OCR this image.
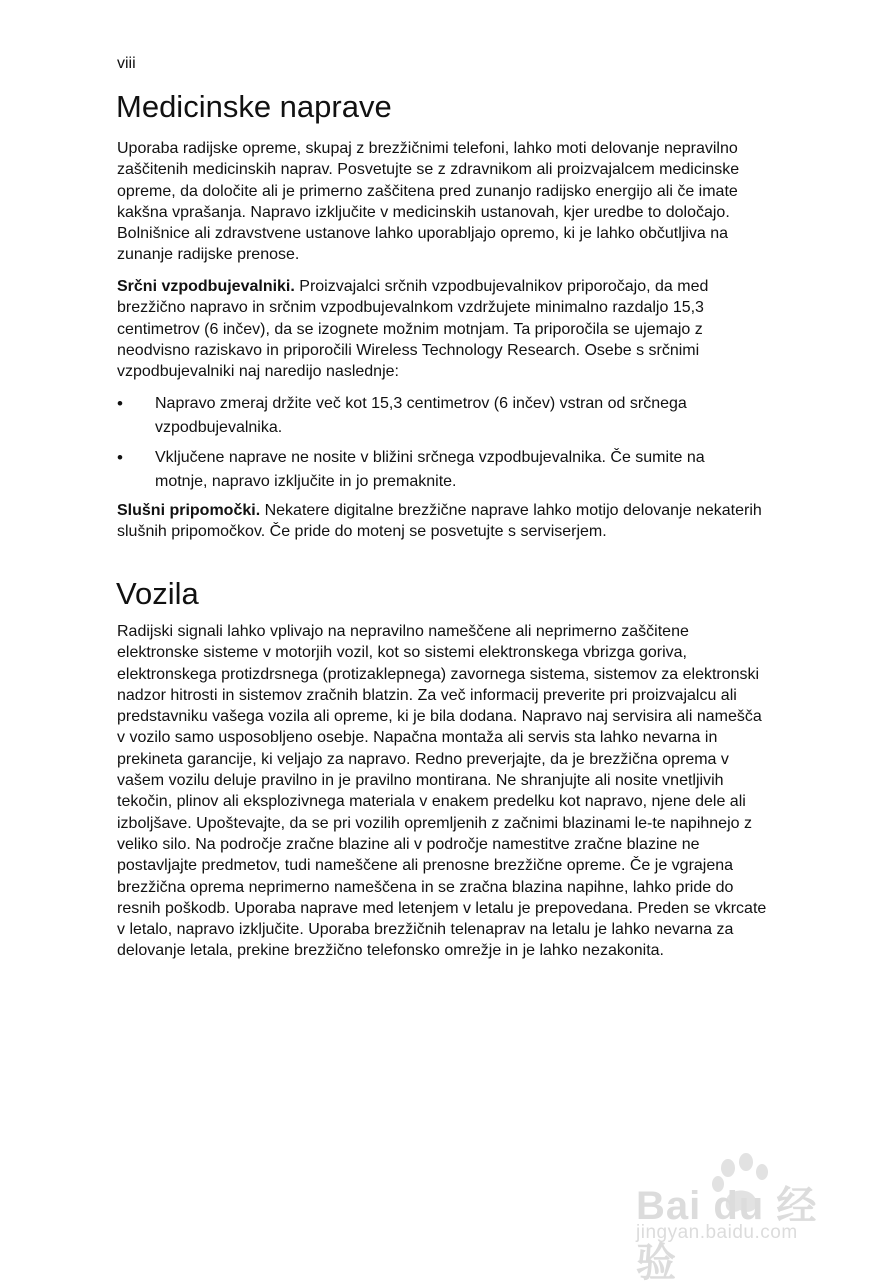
viii
Medicinske naprave

Uporaba radijske opreme, skupaj z brezžičnimi telefoni, lahko moti delovanje nepravilno zaščitenih medicinskih naprav. Posvetujte se z zdravnikom ali proizvajalcem medicinske opreme, da določite ali je primerno zaščitena pred zunanjo radijsko energijo ali če imate kakšna vprašanja. Napravo izklјučite v medicinskih ustanovah, kjer uredbe to določajo. Bolnišnice ali zdravstvene ustanove lahko uporabljajo opremo, ki je lahko občutljiva na zunanje radijske prenose.

Srčni vzpodbujevalniki. Proizvajalci srčnih vzpodbujevalnikov priporočajo, da med brezžično napravo in srčnim vzpodbujevalnkom vzdržujete minimalno razdaljo 15,3 centimetrov (6 inčev), da se izognete možnim motnjam. Ta priporočila se ujemajo z neodvisno raziskavo in priporočili Wireless Technology Research. Osebe s srčnimi vzpodbujevalniki naj naredijo naslednje:

• Napravo zmeraj držite več kot 15,3 centimetrov (6 inčev) vstran od srčnega vzpodbujevalnika.
• Vključene naprave ne nosite v bližini srčnega vzpodbujevalnika. Če sumite na motnje, napravo izključite in jo premaknite.

Slušni pripomočki. Nekatere digitalne brezžične naprave lahko motijo delovanje nekaterih slušnih pripomočkov. Če pride do motenj se posvetujte s serviserjem.

Vozila

Radijski signali lahko vplivajo na nepravilno nameščene ali neprimerno zaščitene elektronske sisteme v motorjih vozil, kot so sistemi elektronskega vbrizga goriva, elektronskega protizdrsnega (protizaklepnega) zavornega sistema, sistemov za elektronski nadzor hitrosti in sistemov zračnih blatzin. Za več informacij preverite pri proizvajalcu ali predstavniku vašega vozila ali opreme, ki je bila dodana. Napravo naj servisira ali namešča v vozilo samo usposobljeno osebje. Napačna montaža ali servis sta lahko nevarna in prekineta garancije, ki veljajo za napravo. Redno preverjajte, da je brezžična oprema v vašem vozilu deluje pravilno in je pravilno montirana. Ne shranjujte ali nosite vnetljivih tekočin, plinov ali eksplozivnega materiala v enakem predelku kot napravo, njene dele ali izboljšave. Upoštevajte, da se pri vozilih opremljenih z začnimi blazinami le-te napihnejo z veliko silo. Na področje zračne blazine ali v področje namestitve zračne blazine ne postavljajte predmetov, tudi nameščene ali prenosne brezžične opreme. Če je vgrajena brezžična oprema neprimerno nameščena in se zračna blazina napihne, lahko pride do resnih poškodb. Uporaba naprave med letenjem v letalu je prepovedana. Preden se vkrcate v letalo, napravo izključite. Uporaba brezžičnih telenaprav na letalu je lahko nevarna za delovanje letala, prekine brezžično telefonsko omrežje in je lahko nezakonita.

Bai du 经验
jingyan.baidu.com
